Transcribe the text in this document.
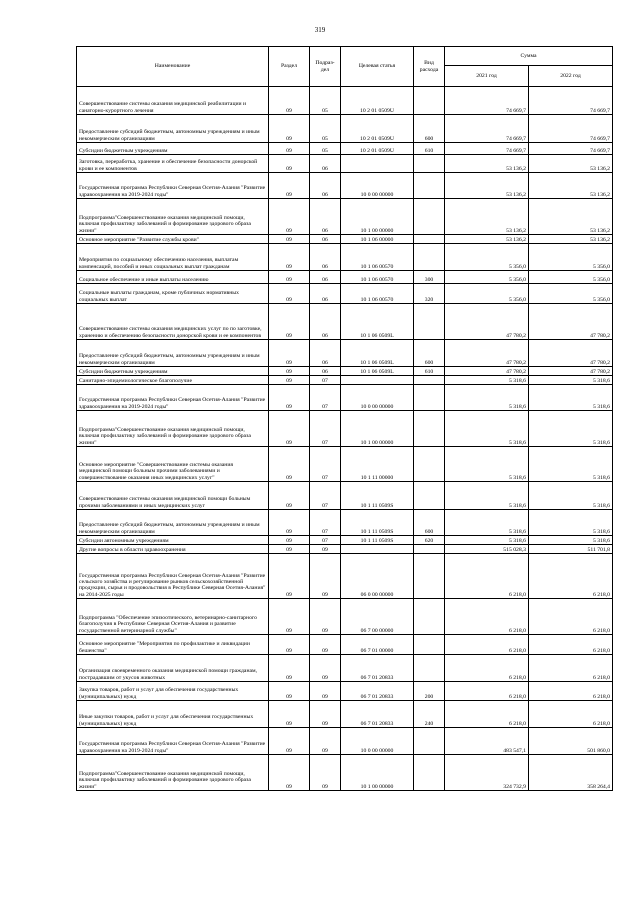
319
Наименование	Раздел	Подраз-дел	Целевая статья	Вид расхода	Сумма	
					2021 год	2022 год
Совершенствование системы оказания медицинской реабилитации и санаторно-курортного лечения	09	05	10 2 01 0509U		74 669,7	74 669,7
Предоставление субсидий бюджетным, автономным учреждениям и иным некоммерческим организациям	09	05	10 2 01 0509U	600	74 669,7	74 669,7
Субсидии бюджетным учреждениям	09	05	10 2 01 0509U	610	74 669,7	74 669,7
Заготовка, переработка, хранение и обеспечение безопасности донорской крови и ее компонентов	09	06			53 136,2	53 136,2
Государственная программа Республики Северная Осетия-Алания "Развитие здравоохранения на 2019-2024 годы"	09	06	10 0 00 00000		53 136,2	53 136,2
Подпрограмма"Совершенствование оказания медицинской помощи, включая профилактику заболеваний и формирование здорового образа жизни"	09	06	10 1 00 00000		53 136,2	53 136,2
Основное мероприятие "Развитие службы крови"	09	06	10 1 06 00000		53 136,2	53 136,2
Мероприятия по социальному обеспечению населения, выплатам компенсаций, пособий и иных социальных выплат гражданам	09	06	10 1 06 00570		5 356,0	5 356,0
Социальное обеспечение и иные выплаты населению	09	06	10 1 06 00570	300	5 356,0	5 356,0
Социальные выплаты гражданам, кроме публичных нормативных социальных выплат	09	06	10 1 06 00570	320	5 356,0	5 356,0
Совершенствование системы оказания медицинских услуг по по заготовке, хранению и обеспечению безопасности донорской крови и ее компонентов	09	06	10 1 06 0509L		47 780,2	47 780,2
Предоставление субсидий бюджетным, автономным учреждениям и иным некоммерческим организациям	09	06	10 1 06 0509L	600	47 780,2	47 780,2
Субсидии бюджетным учреждениям	09	06	10 1 06 0509L	610	47 780,2	47 780,2
Санитарно-эпидемиологическое благополучие	09	07			5 318,6	5 318,6
Государственная программа Республики Северная Осетия-Алания "Развитие здравоохранения на 2019-2024 годы"	09	07	10 0 00 00000		5 318,6	5 318,6
Подпрограмма"Совершенствование оказания медицинской помощи, включая профилактику заболеваний и формирование здорового образа жизни"	09	07	10 1 00 00000		5 318,6	5 318,6
Основное мероприятие "Совершенствование системы оказания медицинской помощи больным прочими заболеваниями и совершенствование оказания иных медицинских услуг"	09	07	10 1 11 00000		5 318,6	5 318,6
Совершенствование системы оказания медицинской помощи больным прочими заболеваниями и иных медицинских услуг	09	07	10 1 11 0509S		5 318,6	5 318,6
Предоставление субсидий бюджетным, автономным учреждениям и иным некоммерческим организациям	09	07	10 1 11 0509S	600	5 318,6	5 318,6
Субсидии автономным учреждениям	09	07	10 1 11 0509S	620	5 318,6	5 318,6
Другие вопросы в области здравоохранения	09	09			515 028,3	511 701,8
Государственная программа Республики Северная Осетия-Алания "Развитие сельского хозяйства и регулирование рынков сельскохозяйственной продукции, сырья и продовольствия в Республике Северная Осетия-Алания" на 2014-2025 годы	09	09	06 0 00 00000		6 218,0	6 218,0
Подпрограмма "Обеспечение эпизоотического, ветеринарно-санитарного благополучия в Республике Северная Осетия-Алания и развитие государственной ветеринарной службы"	09	09	06 7 00 00000		6 218,0	6 218,0
Основное мероприятие "Мероприятия по профилактике и ликвидации бешенства"	09	09	06 7 01 00000		6 218,0	6 218,0
Организация своевременного оказания медицинской помощи гражданам, пострадавшим от укусов животных	09	09	06 7 01 20833		6 218,0	6 218,0
Закупка товаров, работ и услуг для обеспечения государственных (муниципальных) нужд	09	09	06 7 01 20833	200	6 218,0	6 218,0
Иные закупки товаров, работ и услуг для обеспечения государственных (муниципальных) нужд	09	09	06 7 01 20833	240	6 218,0	6 218,0
Государственная программа Республики Северная Осетия-Алания "Развитие здравоохранения на 2019-2024 годы"	09	09	10 0 00 00000		483 547,1	501 860,0
Подпрограмма"Совершенствование оказания медицинской помощи, включая профилактику заболеваний и формирование здорового образа жизни"	09	09	10 1 00 00000		324 732,9	358 264,4
